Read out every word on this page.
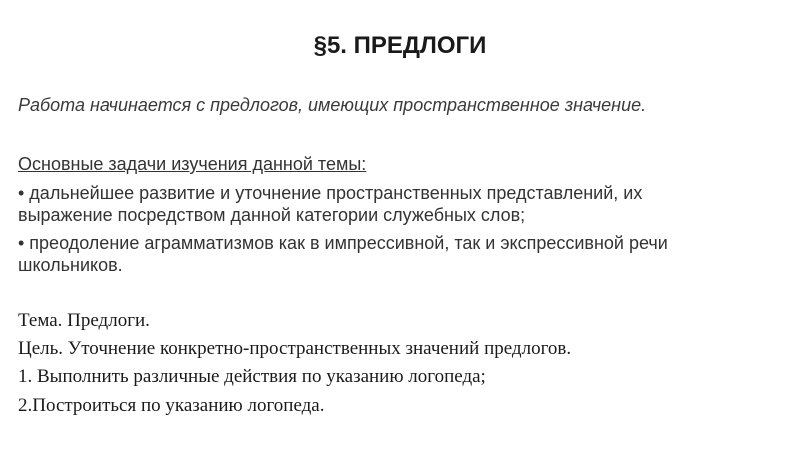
§5. ПРЕДЛОГИ
Работа начинается с предлогов, имеющих пространственное значение.
Основные задачи изучения данной темы:
• дальнейшее развитие и уточнение пространственных представлений, их выражение посредством данной категории служебных слов;
• преодоление аграмматизмов как в импрессивной, так и экспрессивной речи школьников.
Тема. Предлоги.
Цель. Уточнение конкретно-пространственных значений предлогов.
1. Выполнить различные действия по указанию логопеда;
2.Построиться по указанию логопеда.
